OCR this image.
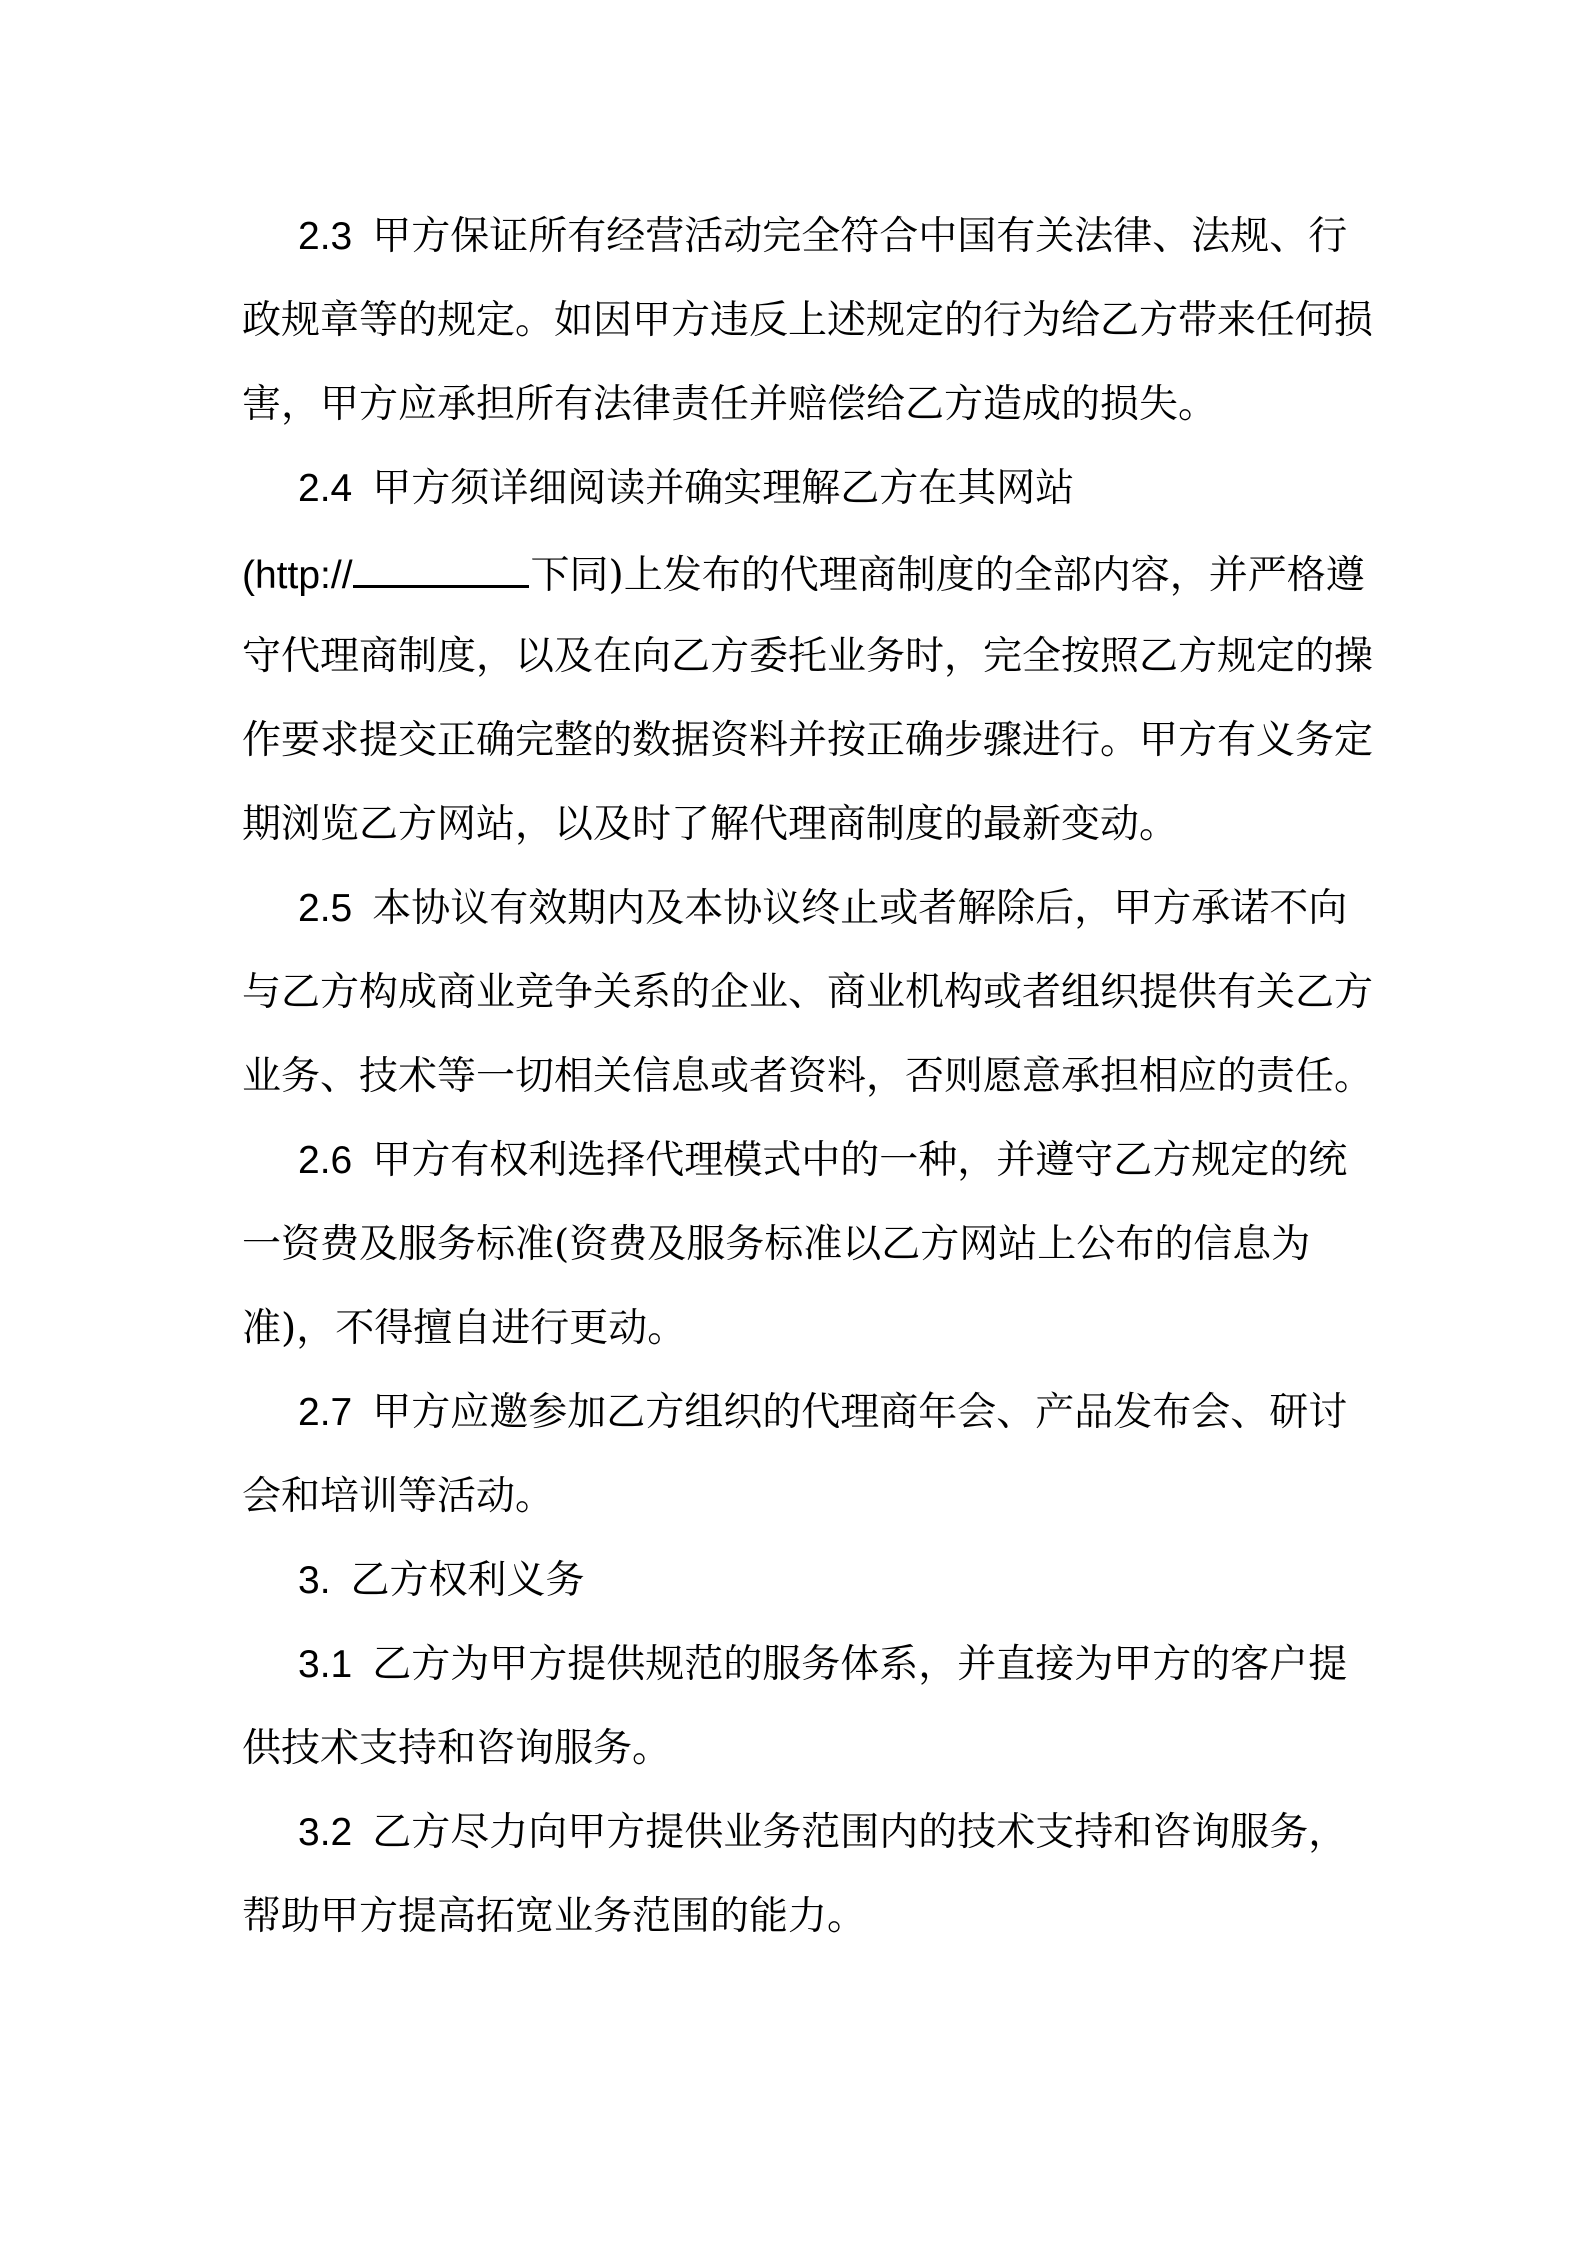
2.3 甲方保证所有经营活动完全符合中国有关法律、法规、行

政规章等的规定。如因甲方违反上述规定的行为给乙方带来任何损

害，甲方应承担所有法律责任并赔偿给乙方造成的损失。

2.4 甲方须详细阅读并确实理解乙方在其网站

(http://	下同)上发布的代理商制度的全部内容，并严格遵

守代理商制度，以及在向乙方委托业务时，完全按照乙方规定的操

作要求提交正确完整的数据资料并按正确步骤进行。甲方有义务定

期浏览乙方网站，以及时了解代理商制度的最新变动。

2.5 本协议有效期内及本协议终止或者解除后，甲方承诺不向

与乙方构成商业竞争关系的企业、商业机构或者组织提供有关乙方

业务、技术等一切相关信息或者资料，否则愿意承担相应的责任。

2.6 甲方有权利选择代理模式中的一种，并遵守乙方规定的统

一资费及服务标准(资费及服务标准以乙方网站上公布的信息为

准)，不得擅自进行更动。

2.7 甲方应邀参加乙方组织的代理商年会、产品发布会、研讨

会和培训等活动。

3. 乙方权利义务

3.1 乙方为甲方提供规范的服务体系，并直接为甲方的客户提

供技术支持和咨询服务。

3.2 乙方尽力向甲方提供业务范围内的技术支持和咨询服务，

帮助甲方提高拓宽业务范围的能力。
